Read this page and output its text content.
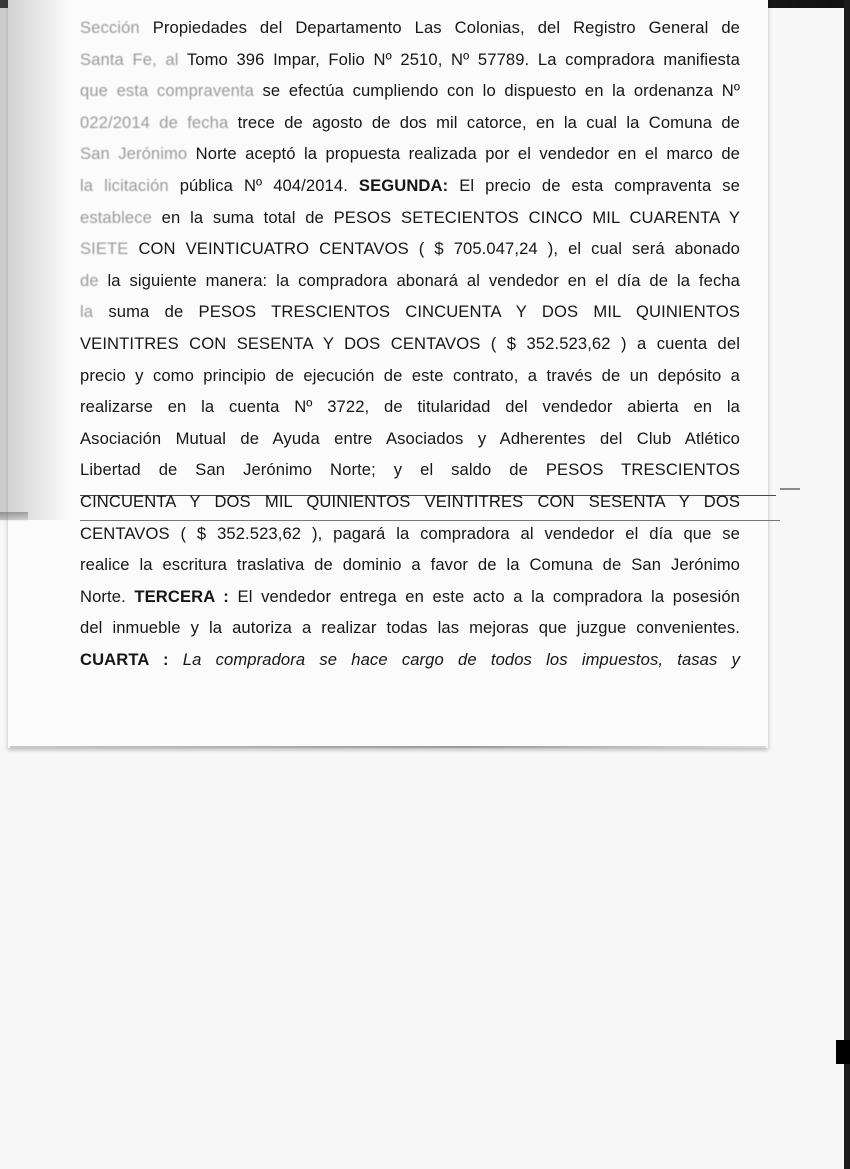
Sección Propiedades del Departamento Las Colonias, del Registro General de
Santa Fe, al Tomo 396 Impar, Folio Nº 2510, Nº 57789. La compradora manifiesta
que esta compraventa se efectúa cumpliendo con lo dispuesto en la ordenanza Nº
022/2014 de fecha trece de agosto de dos mil catorce, en la cual la Comuna de
San Jerónimo Norte aceptó la propuesta realizada por el vendedor en el marco de
la licitación pública Nº 404/2014. SEGUNDA: El precio de esta compraventa se
establece en la suma total de PESOS SETECIENTOS CINCO MIL CUARENTA Y
SIETE CON VEINTICUATRO CENTAVOS ( $ 705.047,24 ), el cual será abonado
de la siguiente manera: la compradora abonará al vendedor en el día de la fecha
la suma de PESOS TRESCIENTOS CINCUENTA Y DOS MIL QUINIENTOS
VEINTITRES CON SESENTA Y DOS CENTAVOS ( $ 352.523,62 ) a cuenta del
precio y como principio de ejecución de este contrato, a través de un depósito a
realizarse en la cuenta Nº 3722, de titularidad del vendedor abierta en la
Asociación Mutual de Ayuda entre Asociados y Adherentes del Club Atlético
Libertad de San Jerónimo Norte; y el saldo de PESOS TRESCIENTOS
CINCUENTA Y DOS MIL QUINIENTOS VEINTITRES CON SESENTA Y DOS
CENTAVOS ( $ 352.523,62 ), pagará la compradora al vendedor el día que se
realice la escritura traslativa de dominio a favor de la Comuna de San Jerónimo
Norte. TERCERA : El vendedor entrega en este acto a la compradora la posesión
del inmueble y la autoriza a realizar todas las mejoras que juzgue convenientes.
CUARTA : La compradora se hace cargo de todos los impuestos, tasas y
